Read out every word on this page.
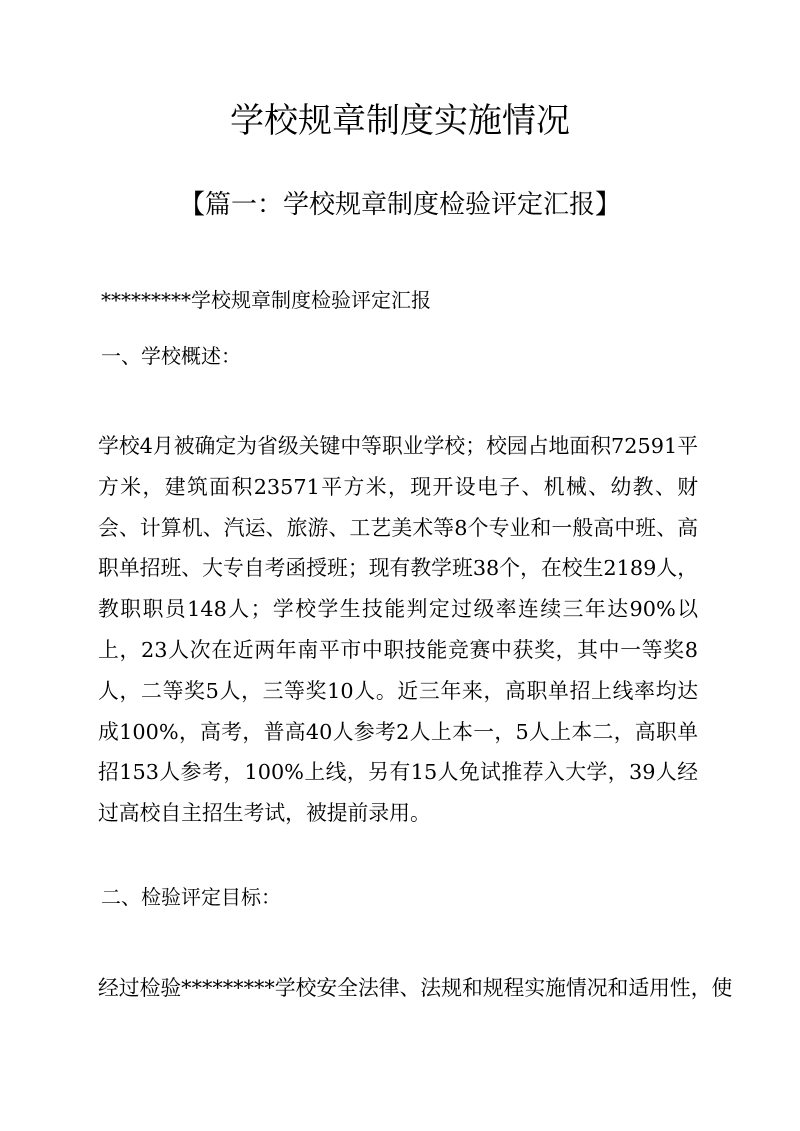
学校规章制度实施情况
【篇一：学校规章制度检验评定汇报】
*********学校规章制度检验评定汇报
一、学校概述：
学校4月被确定为省级关键中等职业学校；校园占地面积72591平方米，建筑面积23571平方米，现开设电子、机械、幼教、财会、计算机、汽运、旅游、工艺美术等8个专业和一般高中班、高职单招班、大专自考函授班；现有教学班38个，在校生2189人，教职职员148人；学校学生技能判定过级率连续三年达90%以上，23人次在近两年南平市中职技能竞赛中获奖，其中一等奖8人，二等奖5人，三等奖10人。近三年来，高职单招上线率均达成100%，高考，普高40人参考2人上本一，5人上本二，高职单招153人参考，100%上线，另有15人免试推荐入大学，39人经过高校自主招生考试，被提前录用。
二、检验评定目标：
经过检验*********学校安全法律、法规和规程实施情况和适用性，使
